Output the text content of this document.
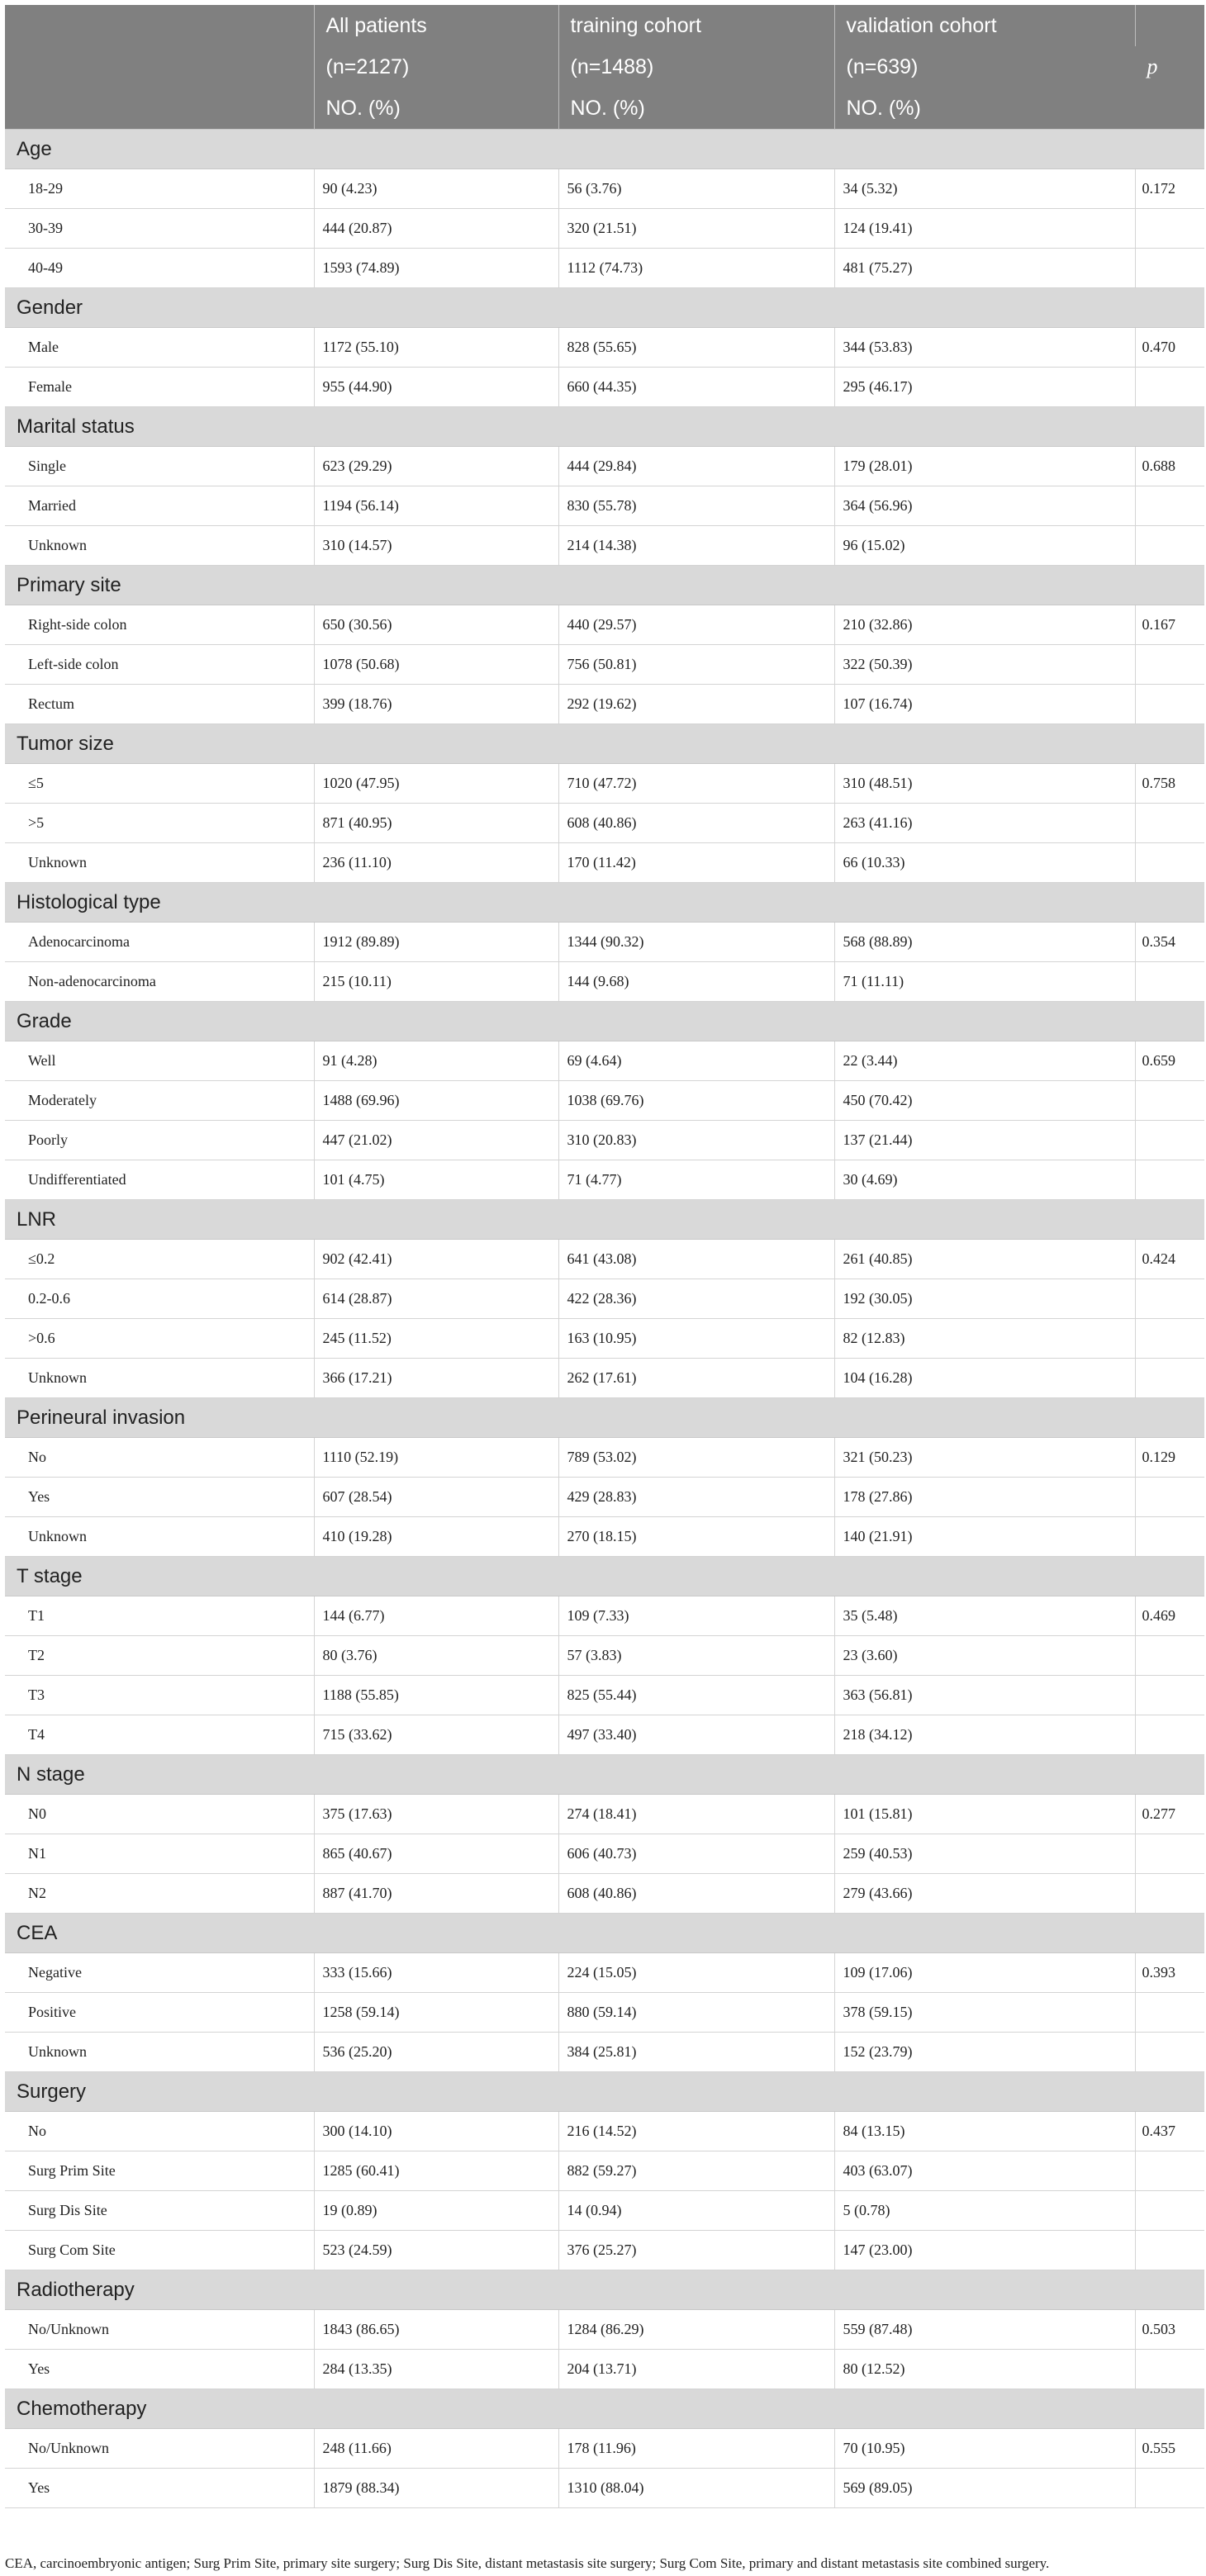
	All patients	training cohort	validation cohort	p
	(n=2127)	(n=1488)	(n=639)	
	NO. (%)	NO. (%)	NO. (%)	
Age				
18-29	90 (4.23)	56 (3.76)	34 (5.32)	0.172
30-39	444 (20.87)	320 (21.51)	124 (19.41)	
40-49	1593 (74.89)	1112 (74.73)	481 (75.27)	
Gender				
Male	1172 (55.10)	828 (55.65)	344 (53.83)	0.470
Female	955 (44.90)	660 (44.35)	295 (46.17)	
Marital status				
Single	623 (29.29)	444 (29.84)	179 (28.01)	0.688
Married	1194 (56.14)	830 (55.78)	364 (56.96)	
Unknown	310 (14.57)	214 (14.38)	96 (15.02)	
Primary site				
Right-side colon	650 (30.56)	440 (29.57)	210 (32.86)	0.167
Left-side colon	1078 (50.68)	756 (50.81)	322 (50.39)	
Rectum	399 (18.76)	292 (19.62)	107 (16.74)	
Tumor size				
≤5	1020 (47.95)	710 (47.72)	310 (48.51)	0.758
>5	871 (40.95)	608 (40.86)	263 (41.16)	
Unknown	236 (11.10)	170 (11.42)	66 (10.33)	
Histological type				
Adenocarcinoma	1912 (89.89)	1344 (90.32)	568 (88.89)	0.354
Non-adenocarcinoma	215 (10.11)	144 (9.68)	71 (11.11)	
Grade				
Well	91 (4.28)	69 (4.64)	22 (3.44)	0.659
Moderately	1488 (69.96)	1038 (69.76)	450 (70.42)	
Poorly	447 (21.02)	310 (20.83)	137 (21.44)	
Undifferentiated	101 (4.75)	71 (4.77)	30 (4.69)	
LNR				
≤0.2	902 (42.41)	641 (43.08)	261 (40.85)	0.424
0.2-0.6	614 (28.87)	422 (28.36)	192 (30.05)	
>0.6	245 (11.52)	163 (10.95)	82 (12.83)	
Unknown	366 (17.21)	262 (17.61)	104 (16.28)	
Perineural invasion				
No	1110 (52.19)	789 (53.02)	321 (50.23)	0.129
Yes	607 (28.54)	429 (28.83)	178 (27.86)	
Unknown	410 (19.28)	270 (18.15)	140 (21.91)	
T stage				
T1	144 (6.77)	109 (7.33)	35 (5.48)	0.469
T2	80 (3.76)	57 (3.83)	23 (3.60)	
T3	1188 (55.85)	825 (55.44)	363 (56.81)	
T4	715 (33.62)	497 (33.40)	218 (34.12)	
N stage				
N0	375 (17.63)	274 (18.41)	101 (15.81)	0.277
N1	865 (40.67)	606 (40.73)	259 (40.53)	
N2	887 (41.70)	608 (40.86)	279 (43.66)	
CEA				
Negative	333 (15.66)	224 (15.05)	109 (17.06)	0.393
Positive	1258 (59.14)	880 (59.14)	378 (59.15)	
Unknown	536 (25.20)	384 (25.81)	152 (23.79)	
Surgery				
No	300 (14.10)	216 (14.52)	84 (13.15)	0.437
Surg Prim Site	1285 (60.41)	882 (59.27)	403 (63.07)	
Surg Dis Site	19 (0.89)	14 (0.94)	5 (0.78)	
Surg Com Site	523 (24.59)	376 (25.27)	147 (23.00)	
Radiotherapy				
No/Unknown	1843 (86.65)	1284 (86.29)	559 (87.48)	0.503
Yes	284 (13.35)	204 (13.71)	80 (12.52)	
Chemotherapy				
No/Unknown	248 (11.66)	178 (11.96)	70 (10.95)	0.555
Yes	1879 (88.34)	1310 (88.04)	569 (89.05)	
CEA, carcinoembryonic antigen; Surg Prim Site, primary site surgery; Surg Dis Site, distant metastasis site surgery; Surg Com Site, primary and distant metastasis site combined surgery.
